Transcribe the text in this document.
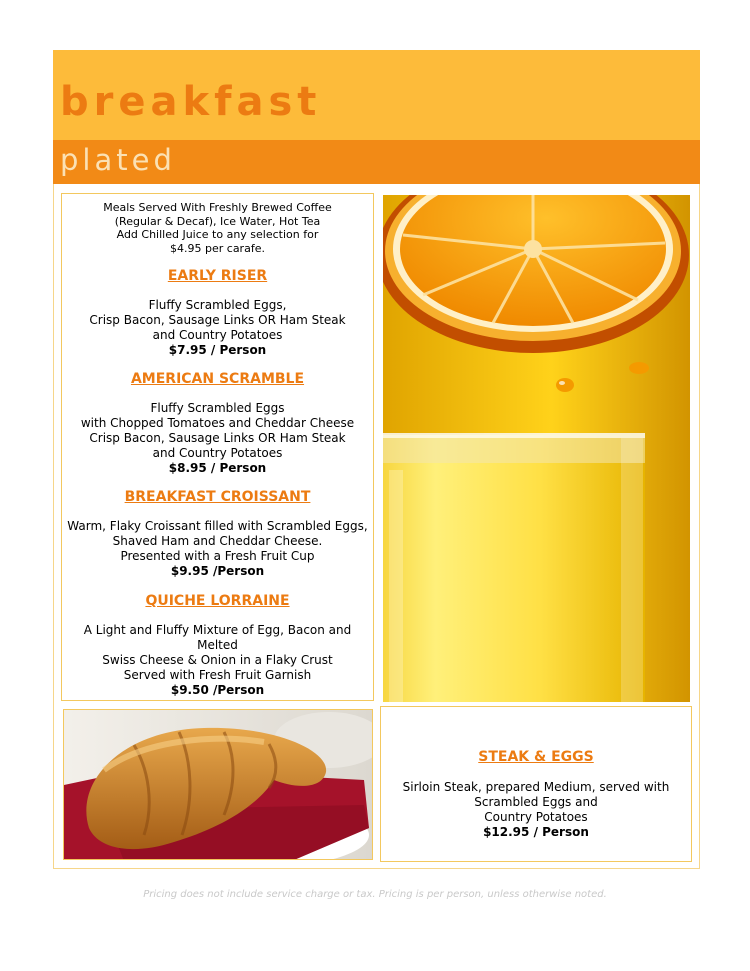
breakfast
plated
Meals Served With Freshly Brewed Coffee
(Regular & Decaf), Ice Water, Hot Tea
Add Chilled Juice to any selection for
$4.95 per carafe.
EARLY RISER
Fluffy Scrambled Eggs,
Crisp Bacon, Sausage Links OR Ham Steak
and Country Potatoes
$7.95 / Person
AMERICAN SCRAMBLE
Fluffy Scrambled Eggs
with Chopped Tomatoes and Cheddar Cheese
Crisp Bacon, Sausage Links OR Ham Steak
and Country Potatoes
$8.95 / Person
BREAKFAST CROISSANT
Warm, Flaky Croissant filled with Scrambled Eggs,
Shaved Ham and Cheddar Cheese.
Presented with a Fresh Fruit Cup
$9.95 /Person
QUICHE LORRAINE
A Light and Fluffy Mixture of Egg, Bacon and Melted
Swiss Cheese & Onion in a Flaky Crust
Served with Fresh Fruit Garnish
$9.50 /Person
STEAK & EGGS
Sirloin Steak, prepared Medium, served with
Scrambled Eggs and
Country Potatoes
$12.95 / Person
Pricing does not include service charge or tax. Pricing is per person, unless otherwise noted.
